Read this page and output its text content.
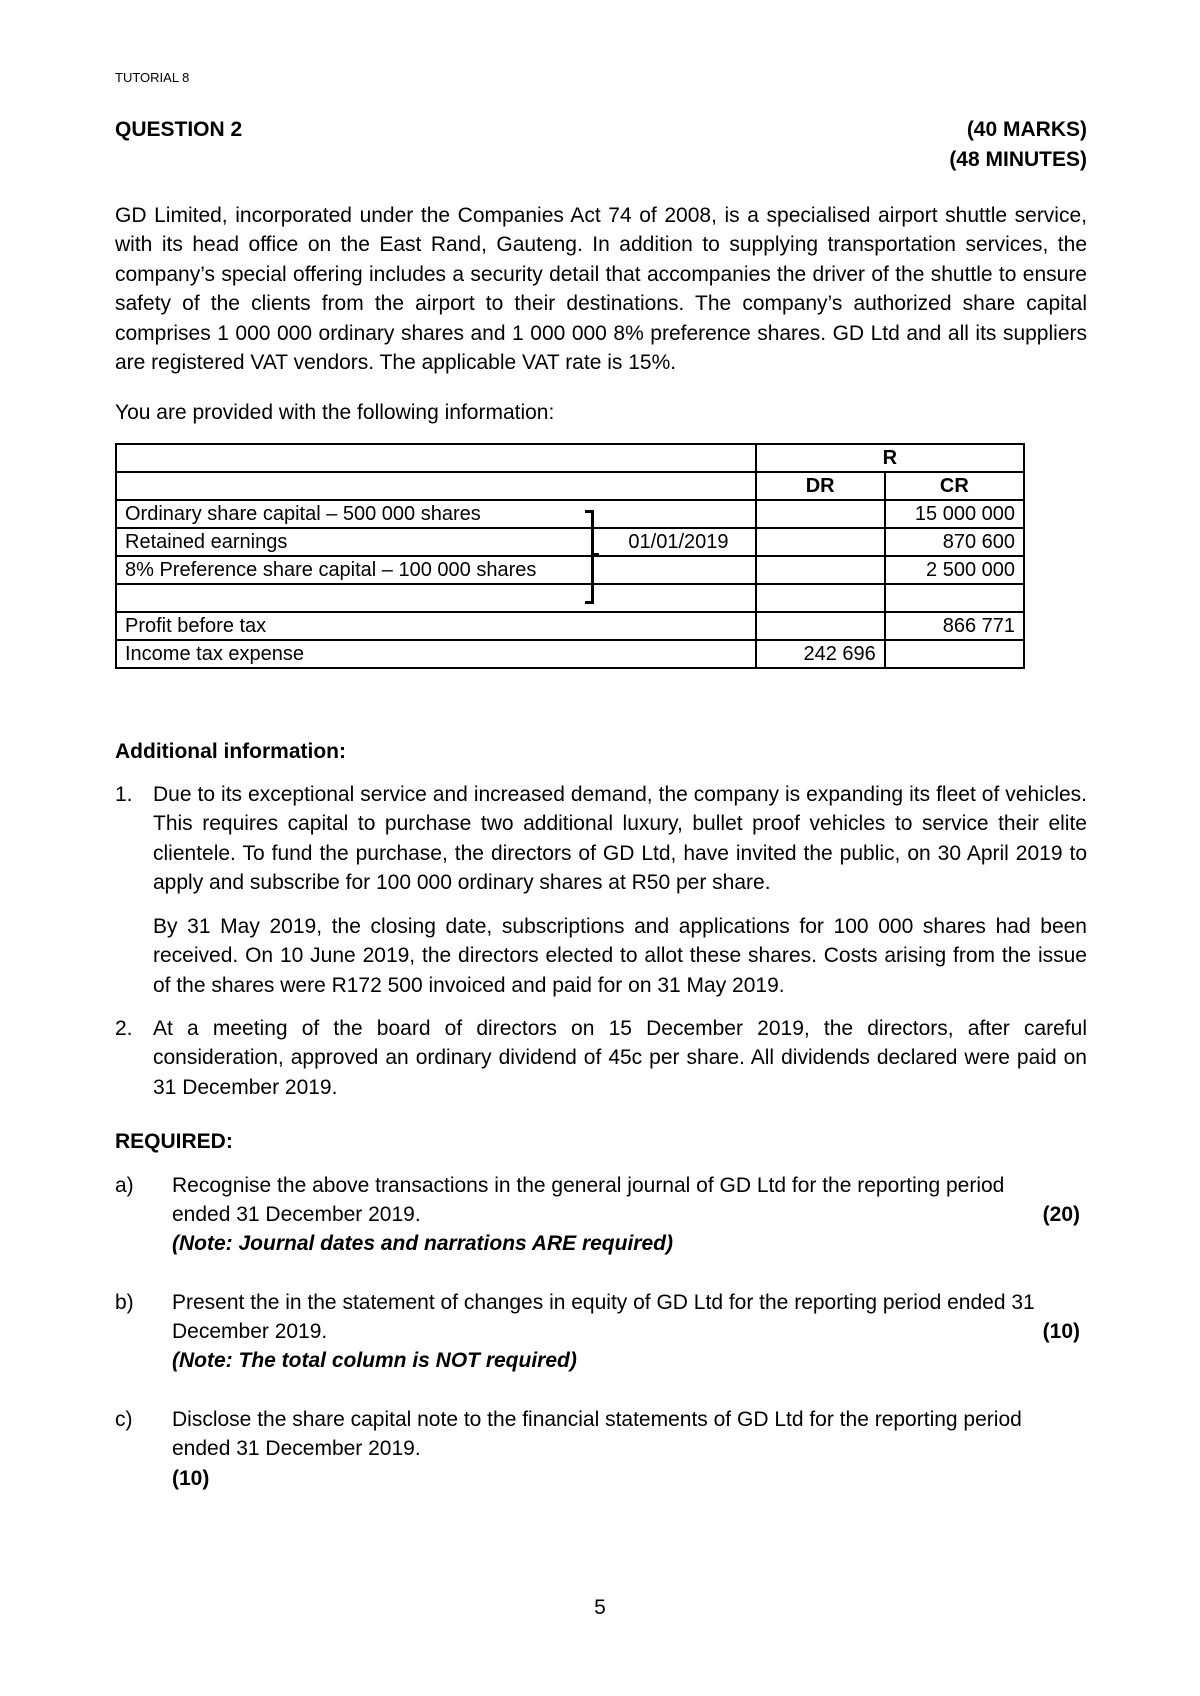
TUTORIAL 8
QUESTION 2	(40 MARKS)
(48 MINUTES)
GD Limited, incorporated under the Companies Act 74 of 2008, is a specialised airport shuttle service, with its head office on the East Rand, Gauteng. In addition to supplying transportation services, the company’s special offering includes a security detail that accompanies the driver of the shuttle to ensure safety of the clients from the airport to their destinations. The company’s authorized share capital comprises 1 000 000 ordinary shares and 1 000 000 8% preference shares. GD Ltd and all its suppliers are registered VAT vendors. The applicable VAT rate is 15%.
You are provided with the following information:
		R	
		DR	CR
Ordinary share capital – 500 000 shares			15 000 000
Retained earnings	01/01/2019		870 600
8% Preference share capital – 100 000 shares			2 500 000

Profit before tax			866 771
Income tax expense		242 696	
Additional information:
1. Due to its exceptional service and increased demand, the company is expanding its fleet of vehicles. This requires capital to purchase two additional luxury, bullet proof vehicles to service their elite clientele. To fund the purchase, the directors of GD Ltd, have invited the public, on 30 April 2019 to apply and subscribe for 100 000 ordinary shares at R50 per share.
By 31 May 2019, the closing date, subscriptions and applications for 100 000 shares had been received. On 10 June 2019, the directors elected to allot these shares. Costs arising from the issue of the shares were R172 500 invoiced and paid for on 31 May 2019.
2. At a meeting of the board of directors on 15 December 2019, the directors, after careful consideration, approved an ordinary dividend of 45c per share. All dividends declared were paid on 31 December 2019.
REQUIRED:
a) Recognise the above transactions in the general journal of GD Ltd for the reporting period ended 31 December 2019.	(20)
(Note: Journal dates and narrations ARE required)
b) Present the in the statement of changes in equity of GD Ltd for the reporting period ended 31 December 2019.	(10)
(Note: The total column is NOT required)
c) Disclose the share capital note to the financial statements of GD Ltd for the reporting period ended 31 December 2019.
(10)
5
